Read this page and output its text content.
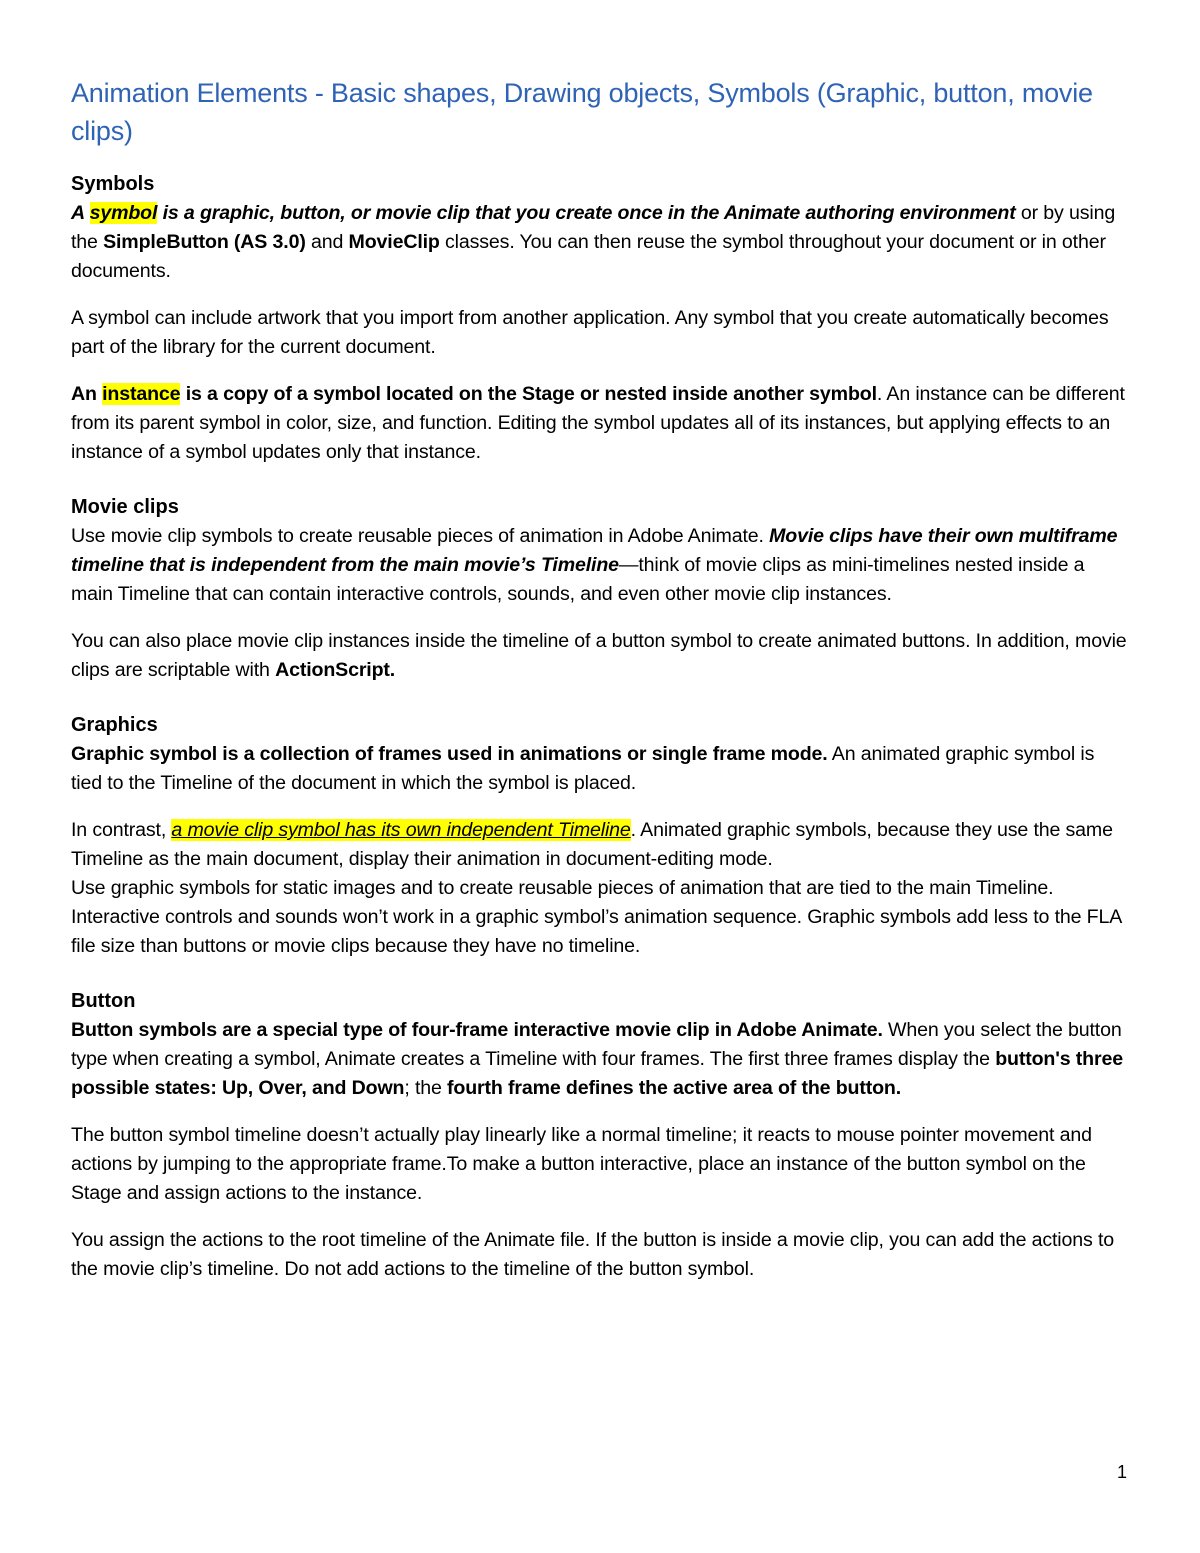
Animation Elements - Basic shapes, Drawing objects, Symbols (Graphic, button, movie clips)
Symbols

A symbol is a graphic, button, or movie clip that you create once in the Animate authoring environment or by using the SimpleButton (AS 3.0) and MovieClip classes. You can then reuse the symbol throughout your document or in other documents.

A symbol can include artwork that you import from another application. Any symbol that you create automatically becomes part of the library for the current document.

An instance is a copy of a symbol located on the Stage or nested inside another symbol. An instance can be different from its parent symbol in color, size, and function. Editing the symbol updates all of its instances, but applying effects to an instance of a symbol updates only that instance.

Movie clips

Use movie clip symbols to create reusable pieces of animation in Adobe Animate. Movie clips have their own multiframe timeline that is independent from the main movie’s Timeline—think of movie clips as mini-timelines nested inside a main Timeline that can contain interactive controls, sounds, and even other movie clip instances.

You can also place movie clip instances inside the timeline of a button symbol to create animated buttons. In addition, movie clips are scriptable with ActionScript.

Graphics

Graphic symbol is a collection of frames used in animations or single frame mode. An animated graphic symbol is tied to the Timeline of the document in which the symbol is placed.

In contrast, a movie clip symbol has its own independent Timeline. Animated graphic symbols, because they use the same Timeline as the main document, display their animation in document-editing mode.

Use graphic symbols for static images and to create reusable pieces of animation that are tied to the main Timeline. Interactive controls and sounds won’t work in a graphic symbol’s animation sequence. Graphic symbols add less to the FLA file size than buttons or movie clips because they have no timeline.

Button

Button symbols are a special type of four-frame interactive movie clip in Adobe Animate. When you select the button type when creating a symbol, Animate creates a Timeline with four frames. The first three frames display the button's three possible states: Up, Over, and Down; the fourth frame defines the active area of the button.

The button symbol timeline doesn’t actually play linearly like a normal timeline; it reacts to mouse pointer movement and actions by jumping to the appropriate frame.To make a button interactive, place an instance of the button symbol on the Stage and assign actions to the instance.

You assign the actions to the root timeline of the Animate file. If the button is inside a movie clip, you can add the actions to the movie clip’s timeline. Do not add actions to the timeline of the button symbol.

1
